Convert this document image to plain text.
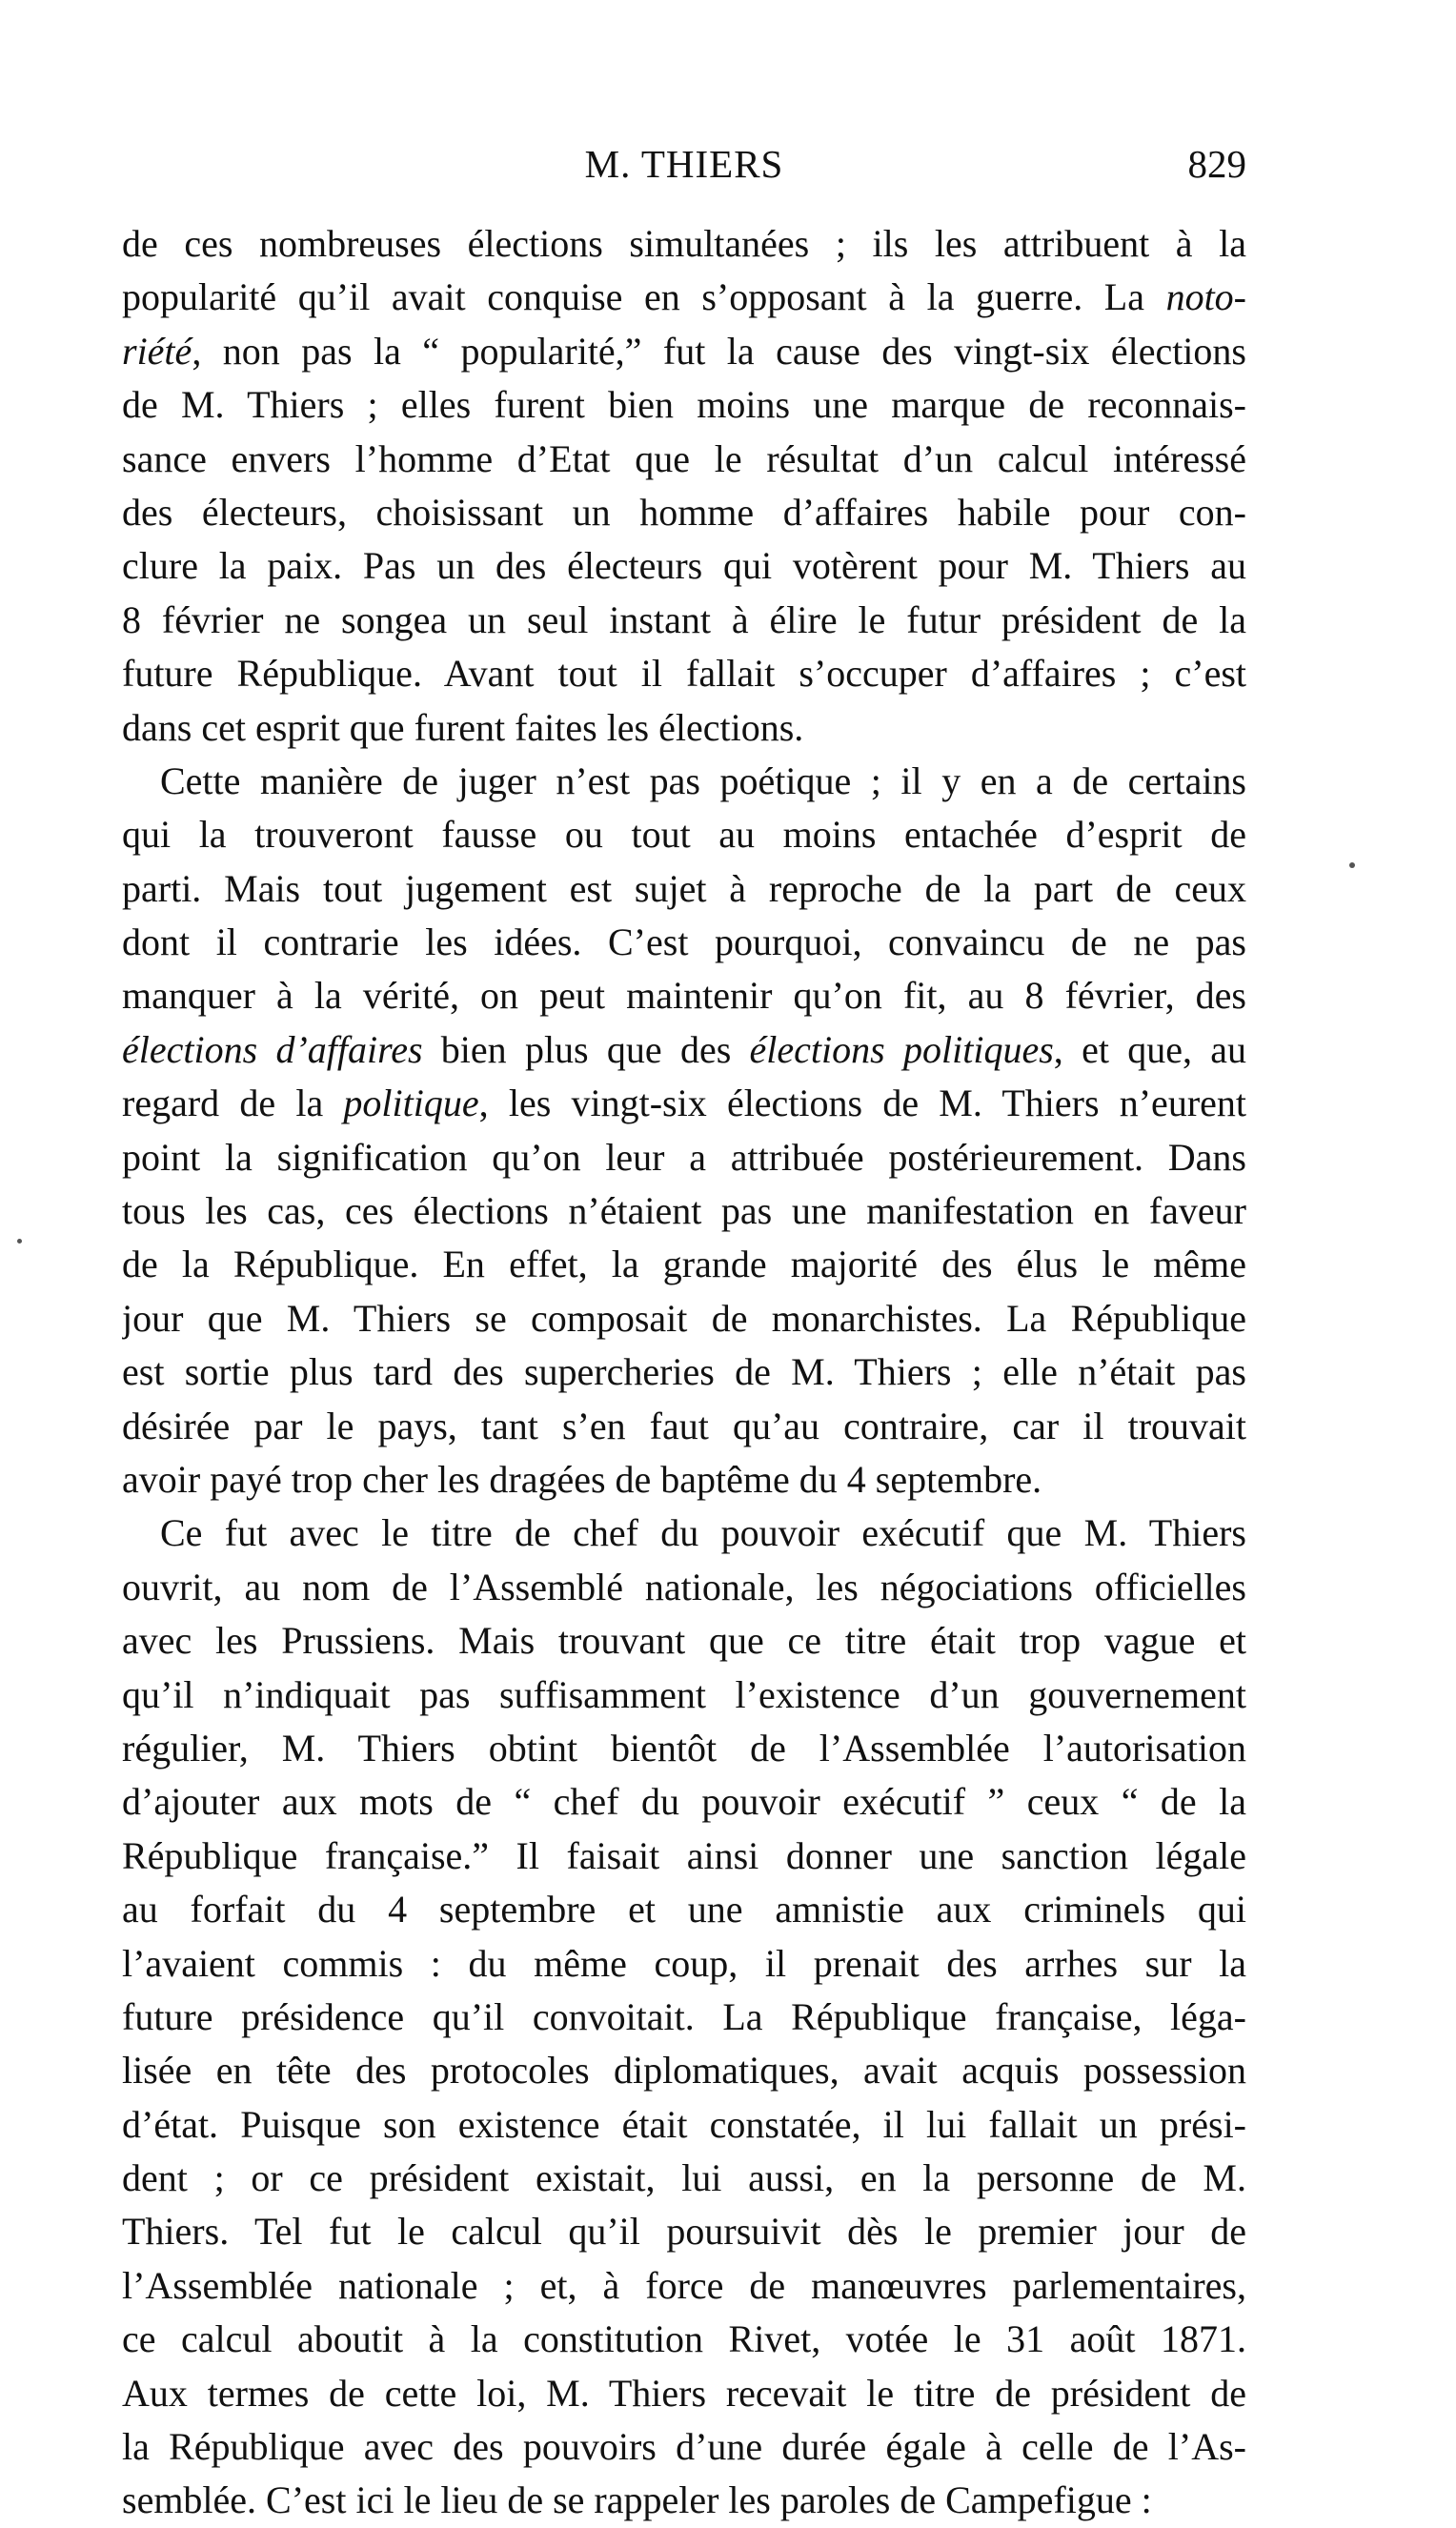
M. THIERS	829
de ces nombreuses élections simultanées ; ils les attribuent à la
popularité qu’il avait conquise en s’opposant à la guerre. La noto-
riété, non pas la “ popularité,” fut la cause des vingt-six élections
de M. Thiers ; elles furent bien moins une marque de reconnais-
sance envers l’homme d’Etat que le résultat d’un calcul intéressé
des électeurs, choisissant un homme d’affaires habile pour con-
clure la paix. Pas un des électeurs qui votèrent pour M. Thiers au
8 février ne songea un seul instant à élire le futur président de la
future République. Avant tout il fallait s’occuper d’affaires ; c’est
dans cet esprit que furent faites les élections.
Cette manière de juger n’est pas poétique ; il y en a de certains
qui la trouveront fausse ou tout au moins entachée d’esprit de
parti. Mais tout jugement est sujet à reproche de la part de ceux
dont il contrarie les idées. C’est pourquoi, convaincu de ne pas
manquer à la vérité, on peut maintenir qu’on fit, au 8 février, des
élections d’affaires bien plus que des élections politiques, et que, au
regard de la politique, les vingt-six élections de M. Thiers n’eurent
point la signification qu’on leur a attribuée postérieurement. Dans
tous les cas, ces élections n’étaient pas une manifestation en faveur
de la République. En effet, la grande majorité des élus le même
jour que M. Thiers se composait de monarchistes. La République
est sortie plus tard des supercheries de M. Thiers ; elle n’était pas
désirée par le pays, tant s’en faut qu’au contraire, car il trouvait
avoir payé trop cher les dragées de baptême du 4 septembre.
Ce fut avec le titre de chef du pouvoir exécutif que M. Thiers
ouvrit, au nom de l’Assemblé nationale, les négociations officielles
avec les Prussiens. Mais trouvant que ce titre était trop vague et
qu’il n’indiquait pas suffisamment l’existence d’un gouvernement
régulier, M. Thiers obtint bientôt de l’Assemblée l’autorisation
d’ajouter aux mots de “ chef du pouvoir exécutif ” ceux “ de la
République française.” Il faisait ainsi donner une sanction légale
au forfait du 4 septembre et une amnistie aux criminels qui
l’avaient commis : du même coup, il prenait des arrhes sur la
future présidence qu’il convoitait. La République française, léga-
lisée en tête des protocoles diplomatiques, avait acquis possession
d’état. Puisque son existence était constatée, il lui fallait un prési-
dent ; or ce président existait, lui aussi, en la personne de M.
Thiers. Tel fut le calcul qu’il poursuivit dès le premier jour de
l’Assemblée nationale ; et, à force de manœuvres parlementaires,
ce calcul aboutit à la constitution Rivet, votée le 31 août 1871.
Aux termes de cette loi, M. Thiers recevait le titre de président de
la République avec des pouvoirs d’une durée égale à celle de l’As-
semblée. C’est ici le lieu de se rappeler les paroles de Campefigue :
